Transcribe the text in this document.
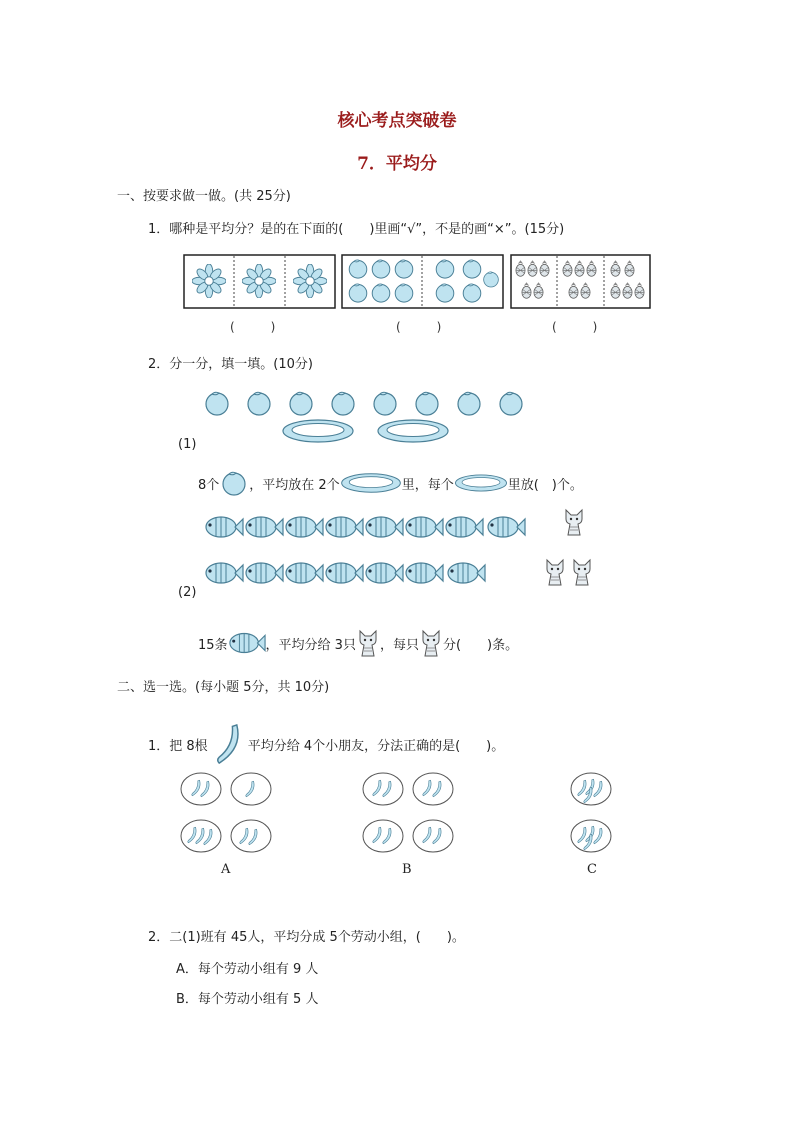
核心考点突破卷
7．平均分
一、按要求做一做。(共 25分)
1．哪种是平均分？是的在下面的(　　)里画“√”，不是的画“×”。(15分)
(　　　)	(　　　)	(　　　)
2．分一分，填一填。(10分)
(1)
8个 ，平均放在 2个	里，每个	里放(　)个。
(2)
15条	，平均分给 3只 ，每只 分(　　)条。
二、选一选。(每小题 5分，共 10分)
1．把 8根	平均分给 4个小朋友，分法正确的是(　　)。
A	B	C
2．二(1)班有 45人，平均分成 5个劳动小组，(　　)。
A．每个劳动小组有 9 人
B．每个劳动小组有 5 人
